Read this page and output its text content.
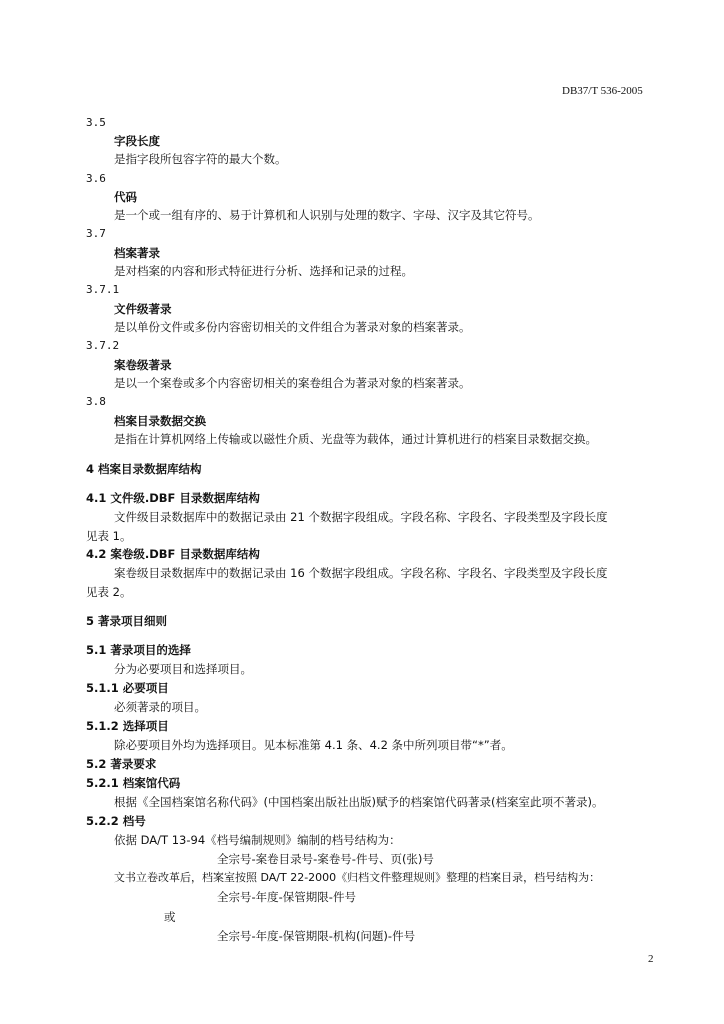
DB37/T 536-2005
3.5
字段长度
是指字段所包容字符的最大个数。
3.6
代码
是一个或一组有序的、易于计算机和人识别与处理的数字、字母、汉字及其它符号。
3.7
档案著录
是对档案的内容和形式特征进行分析、选择和记录的过程。
3.7.1
文件级著录
是以单份文件或多份内容密切相关的文件组合为著录对象的档案著录。
3.7.2
案卷级著录
是以一个案卷或多个内容密切相关的案卷组合为著录对象的档案著录。
3.8
档案目录数据交换
是指在计算机网络上传输或以磁性介质、光盘等为载体，通过计算机进行的档案目录数据交换。
4 档案目录数据库结构
4.1 文件级.DBF 目录数据库结构
文件级目录数据库中的数据记录由 21 个数据字段组成。字段名称、字段名、字段类型及字段长度
见表 1。
4.2 案卷级.DBF 目录数据库结构
案卷级目录数据库中的数据记录由 16 个数据字段组成。字段名称、字段名、字段类型及字段长度
见表 2。
5 著录项目细则
5.1 著录项目的选择
分为必要项目和选择项目。
5.1.1 必要项目
必须著录的项目。
5.1.2 选择项目
除必要项目外均为选择项目。见本标准第 4.1 条、4.2 条中所列项目带“*”者。
5.2 著录要求
5.2.1 档案馆代码
根据《全国档案馆名称代码》(中国档案出版社出版)赋予的档案馆代码著录(档案室此项不著录)。
5.2.2 档号
依据 DA/T 13-94《档号编制规则》编制的档号结构为：
全宗号-案卷目录号-案卷号-件号、页(张)号
文书立卷改革后，档案室按照 DA/T 22-2000《归档文件整理规则》整理的档案目录，档号结构为：
全宗号-年度-保管期限-件号
或
全宗号-年度-保管期限-机构(问题)-件号
2
